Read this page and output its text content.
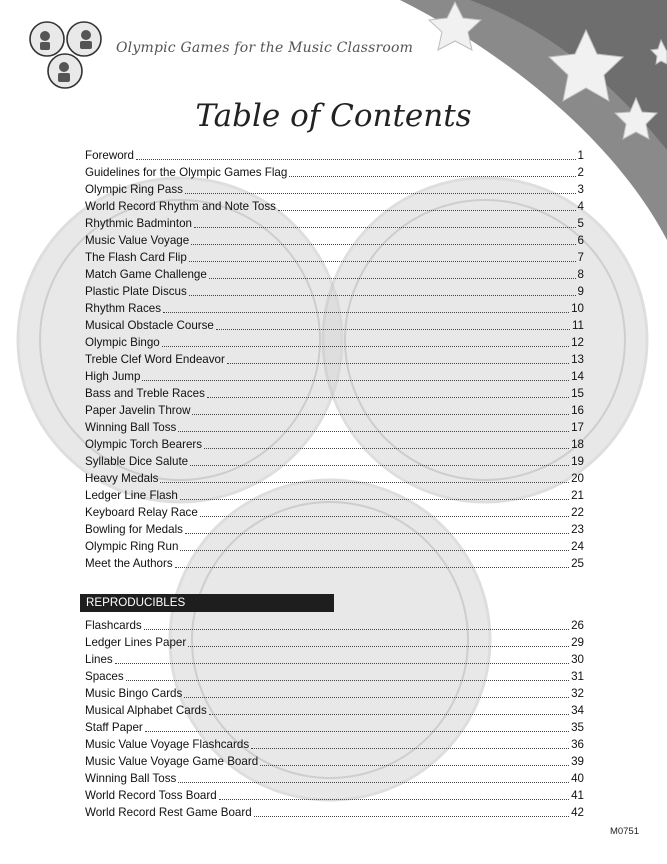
Olympic Games for the Music Classroom
Table of Contents
Foreword	1
Guidelines for the Olympic Games Flag	2
Olympic Ring Pass	3
World Record Rhythm and Note Toss	4
Rhythmic Badminton	5
Music Value Voyage	6
The Flash Card Flip	7
Match Game Challenge	8
Plastic Plate Discus	9
Rhythm Races	10
Musical Obstacle Course	11
Olympic Bingo	12
Treble Clef Word Endeavor	13
High Jump	14
Bass and Treble Races	15
Paper Javelin Throw	16
Winning Ball Toss	17
Olympic Torch Bearers	18
Syllable Dice Salute	19
Heavy Medals	20
Ledger Line Flash	21
Keyboard Relay Race	22
Bowling for Medals	23
Olympic Ring Run	24
Meet the Authors	25
REPRODUCIBLES
Flashcards	26
Ledger Lines Paper	29
Lines	30
Spaces	31
Music Bingo Cards	32
Musical Alphabet Cards	34
Staff Paper	35
Music Value Voyage Flashcards	36
Music Value Voyage Game Board	39
Winning Ball Toss	40
World Record Toss Board	41
World Record Rest Game Board	42
M0751
